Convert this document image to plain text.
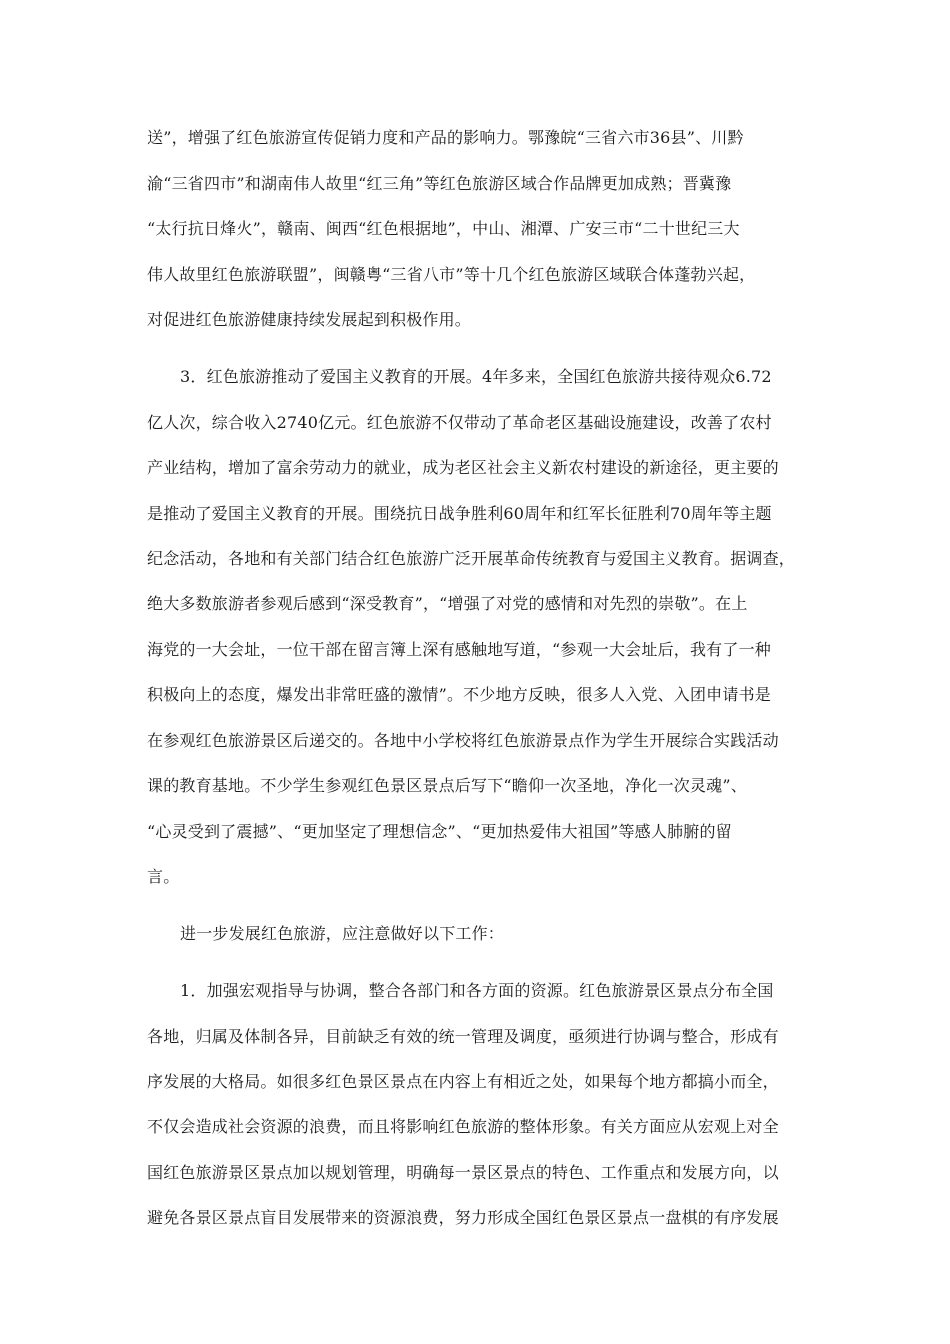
送”，增强了红色旅游宣传促销力度和产品的影响力。鄂豫皖“三省六市36县”、川黔
渝“三省四市”和湖南伟人故里“红三角”等红色旅游区域合作品牌更加成熟；晋冀豫
“太行抗日烽火”，赣南、闽西“红色根据地”，中山、湘潭、广安三市“二十世纪三大
伟人故里红色旅游联盟”，闽赣粤“三省八市”等十几个红色旅游区域联合体蓬勃兴起，
对促进红色旅游健康持续发展起到积极作用。
3．红色旅游推动了爱国主义教育的开展。4年多来，全国红色旅游共接待观众6.72
亿人次，综合收入2740亿元。红色旅游不仅带动了革命老区基础设施建设，改善了农村
产业结构，增加了富余劳动力的就业，成为老区社会主义新农村建设的新途径，更主要的
是推动了爱国主义教育的开展。围绕抗日战争胜利60周年和红军长征胜利70周年等主题
纪念活动，各地和有关部门结合红色旅游广泛开展革命传统教育与爱国主义教育。据调查，
绝大多数旅游者参观后感到“深受教育”，“增强了对党的感情和对先烈的崇敬”。在上
海党的一大会址，一位干部在留言簿上深有感触地写道，“参观一大会址后，我有了一种
积极向上的态度，爆发出非常旺盛的激情”。不少地方反映，很多人入党、入团申请书是
在参观红色旅游景区后递交的。各地中小学校将红色旅游景点作为学生开展综合实践活动
课的教育基地。不少学生参观红色景区景点后写下“瞻仰一次圣地，净化一次灵魂”、
“心灵受到了震撼”、“更加坚定了理想信念”、“更加热爱伟大祖国”等感人肺腑的留
言。
进一步发展红色旅游，应注意做好以下工作：
1．加强宏观指导与协调，整合各部门和各方面的资源。红色旅游景区景点分布全国
各地，归属及体制各异，目前缺乏有效的统一管理及调度，亟须进行协调与整合，形成有
序发展的大格局。如很多红色景区景点在内容上有相近之处，如果每个地方都搞小而全，
不仅会造成社会资源的浪费，而且将影响红色旅游的整体形象。有关方面应从宏观上对全
国红色旅游景区景点加以规划管理，明确每一景区景点的特色、工作重点和发展方向，以
避免各景区景点盲目发展带来的资源浪费，努力形成全国红色景区景点一盘棋的有序发展
